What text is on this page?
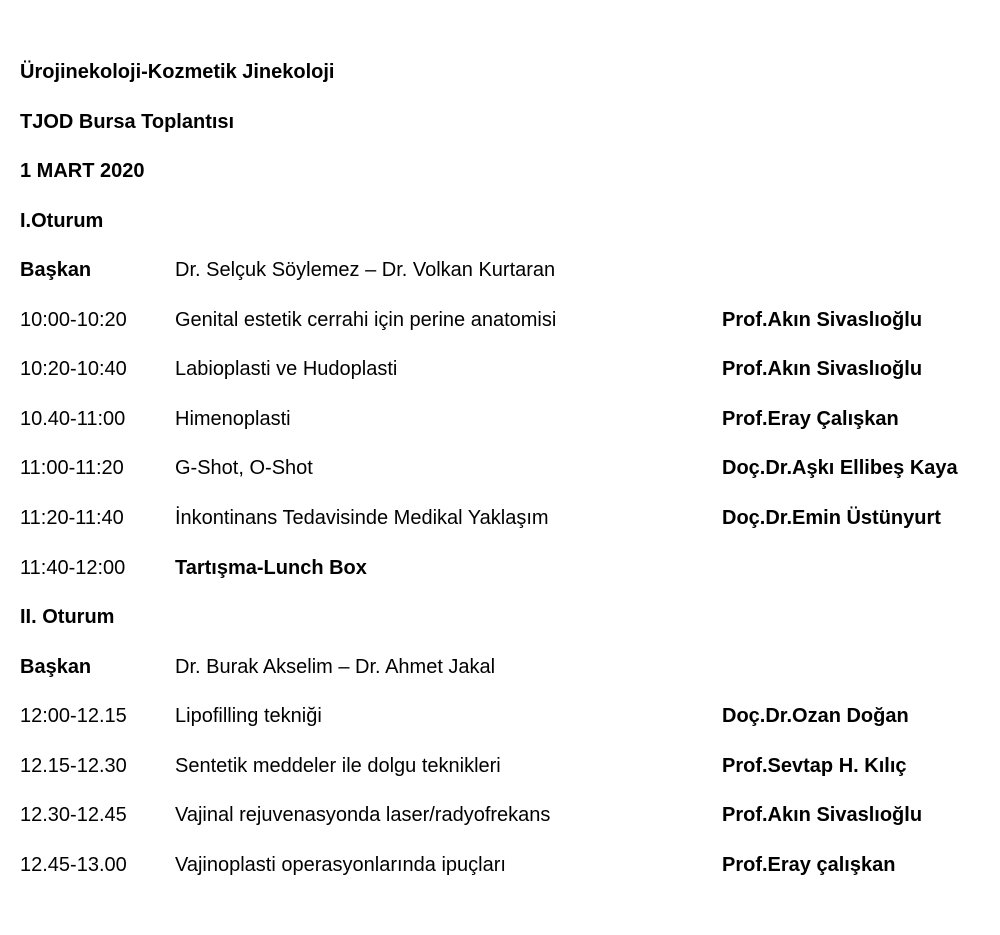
Ürojinekoloji-Kozmetik Jinekoloji
TJOD Bursa Toplantısı
1 MART 2020
I.Oturum
Başkan	Dr. Selçuk Söylemez – Dr. Volkan Kurtaran
10:00-10:20 Genital estetik cerrahi için perine anatomisi	Prof.Akın Sivaslıoğlu
10:20-10:40 Labioplasti ve Hudoplasti	Prof.Akın Sivaslıoğlu
10.40-11:00 Himenoplasti	Prof.Eray Çalışkan
11:00-11:20	G-Shot, O-Shot	Doç.Dr.Aşkı Ellibeş Kaya
11:20-11:40	İnkontinans Tedavisinde Medikal Yaklaşım	Doç.Dr.Emin Üstünyurt
11:40-12:00 Tartışma-Lunch Box
II. Oturum
Başkan	Dr. Burak Akselim – Dr. Ahmet Jakal
12:00-12.15 Lipofilling tekniği	Doç.Dr.Ozan Doğan
12.15-12.30 Sentetik meddeler ile dolgu teknikleri	Prof.Sevtap H. Kılıç
12.30-12.45 Vajinal rejuvenasyonda laser/radyofrekans	Prof.Akın Sivaslıoğlu
12.45-13.00 Vajinoplasti operasyonlarında ipuçları	Prof.Eray çalışkan
